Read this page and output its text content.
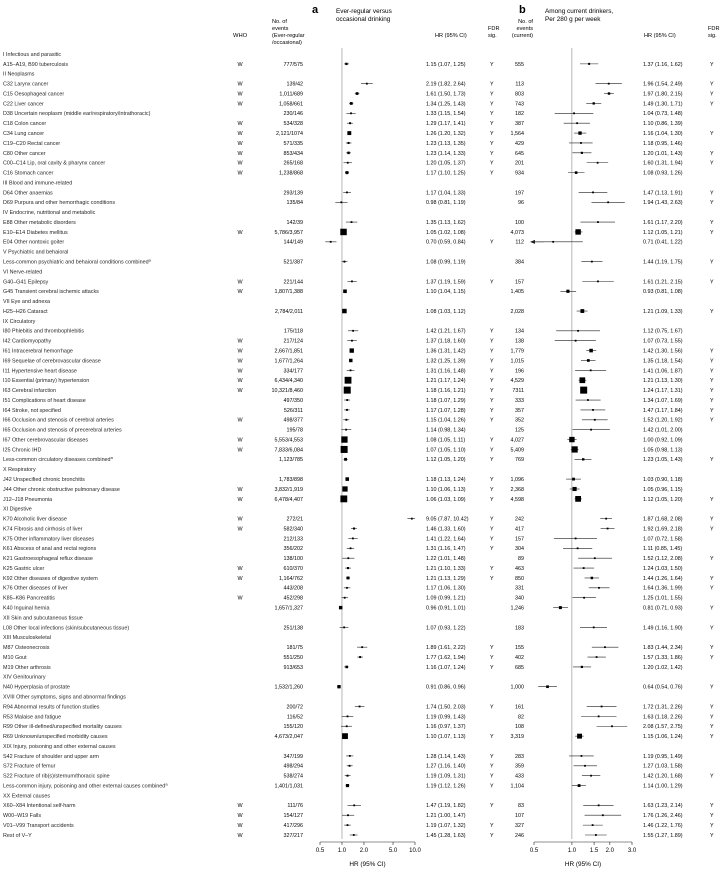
a	b
WHO
No. of
events
(Ever-regular
/occasional)
Ever-regular versus
occasional drinking
HR (95% CI)
FDR
sig.
Among current drinkers,
Per 280 g per week
No. of
events
(current)	HR (95% CI)
FDR
sig.
I Infectious and parasitic
A15–A19, B90 tuberculosis	W	777/575	1.15 (1.07, 1.25)	Y	555	1.37 (1.16, 1.62)	Y
II Neoplasms
C32 Larynx cancer	W	139/42	2.19 (1.82, 2.64)	Y	113	1.96 (1.54, 2.49)	Y
C15 Oesophageal cancer	W	1,011/689	1.61 (1.50, 1.73)	Y	803	1.97 (1.80, 2.15)	Y
C22 Liver cancer	W	1,058/661	1.34 (1.25, 1.43)	Y	743	1.49 (1.30, 1.71)	Y
D38 Uncertain neoplasm (middle ear/respiratory/intrathoracic)	230/146	1.33 (1.15, 1.54)	Y	182	1.04 (0.73, 1.48)
C18 Colon cancer	W	534/328	1.29 (1.17, 1.41)	Y	387	1.10 (0.86, 1.39)
C34 Lung cancer	W	2,121/1074	1.26 (1.20, 1.32)	Y	1,564	1.16 (1.04, 1.30)	Y
C19–C20 Rectal cancer	W	571/335	1.23 (1.13, 1.35)	Y	429	1.18 (0.95, 1.46)
C80 Other cancer	W	853/434	1.23 (1.14, 1.33)	Y	645	1.20 (1.01, 1.43)	Y
C00–C14 Lip, oral cavity & pharynx cancer	W	265/168	1.20 (1.05, 1.37)	Y	201	1.60 (1.31, 1.94)	Y
C16 Stomach cancer	W	1,238/868	1.17 (1.10, 1.25)	Y	934	1.08 (0.93, 1.26)
III Blood and immune-related
D64 Other anaemias	293/139	1.17 (1.04, 1.33)	197	1.47 (1.13, 1.91)	Y
D69 Purpura and other hemorrhagic conditions	135/84	0.98 (0.81, 1.19)	96	1.94 (1.43, 2.63)	Y
IV Endocrine, nutritional and metabolic
E88 Other metabolic disorders	142/39	1.35 (1.13, 1.62)	100	1.61 (1.17, 2.20)	Y
E10–E14 Diabetes mellitus	W	5,786/3,957	1.05 (1.02, 1.08)	4,073	1.12 (1.05, 1.21)	Y
E04 Other nontoxic goiter	144/149	0.70 (0.59, 0.84)	Y	112	0.71 (0.41, 1.22)
V Psychiatric and behaioral
Less-common psychiatric and behaioral conditions combined$^a$	521/387	1.08 (0.99, 1.19)	384	1.44 (1.19, 1.75)	Y
VI Nerve-related
G40–G41 Epilepsy	W	221/144	1.37 (1.19, 1.59)	Y	157	1.61 (1.21, 2.15)	Y
G45 Transient cerebral ischemic attacks	W	1,807/1,388	1.10 (1.04, 1.15)	1,405	0.93 (0.81, 1.08)
VII Eye and adnexa
H25–H26 Cataract	2,784/2,011	1.08 (1.03, 1.12)	2,028	1.21 (1.09, 1.33)	Y
IX Circulatory
I80 Phlebitis and thrombophlebitis	175/118	1.42 (1.21, 1.67)	Y	134	1.12 (0.75, 1.67)
I42 Cardiomyopathy	W	217/124	1.37 (1.18, 1.60)	Y	138	1.07 (0.73, 1.55)
I61 Intracerebral hemorrhage	W	2,667/1,851	1.36 (1.31, 1.42)	Y	1,779	1.42 (1.30, 1.56)	Y
I69 Sequelae of cerebrovascular disease	W	1,677/1,264	1.32 (1.25, 1.39)	Y	1,015	1.35 (1.18, 1.54)	Y
I11 Hypertensive heart disease	W	334/177	1.31 (1.16, 1.48)	Y	196	1.41 (1.06, 1.87)	Y
I10 Essential (primary) hypertension	W	6,434/4,340	1.21 (1.17, 1.24)	Y	4,529	1.21 (1.13, 1.30)	Y
I63 Cerebral infarction	W	10,321/8,460	1.18 (1.16, 1.21)	Y	7311	1.24 (1.17, 1.31)	Y
I51 Complications of heart disease	497/350	1.18 (1.07, 1.29)	Y	333	1.34 (1.07, 1.69)	Y
I64 Stroke, not specified	526/311	1.17 (1.07, 1.28)	Y	357	1.47 (1.17, 1.84)	Y
I66 Occlusion and stenosis of cerebral arteries	W	498/377	1.15 (1.04, 1.26)	Y	352	1.52 (1.20, 1.92)	Y
I65 Occlusion and stenosis of precerebral arteries	195/78	1.14 (0.98, 1.34)	125	1.42 (1.01, 2.00)
I67 Other cerebrovascular diseases	W	5,553/4,553	1.08 (1.05, 1.11)	Y	4,027	1.00 (0.92, 1.09)
I25 Chronic IHD	W	7,833/6,084	1.07 (1.05, 1.10)	Y	5,409	1.05 (0.98, 1.13)
Less-common circulatory diseases combined$^a$	1,123/785	1.12 (1.05, 1.20)	Y	769	1.23 (1.05, 1.43)	Y
X Respiratory
J42 Unspecified chronic bronchitis	1,783/898	1.18 (1.13, 1.24)	Y	1,096	1.03 (0.90, 1.18)
J44 Other chronic obstructive pulmonary disease	W	3,832/1,919	1.10 (1.06, 1.13)	Y	2,368	1.05 (0.96, 1.15)
J12–J18 Pneumonia	W	6,478/4,407	1.06 (1.03, 1.09)	Y	4,598	1.12 (1.05, 1.20)	Y
XI Digestive
K70 Alcoholic liver disease	W	272/21	9.05 (7.87, 10.42)	Y	242	1.87 (1.68, 2.08)	Y
K74 Fibrosis and cirrhosis of liver	W	582/340	1.46 (1.33, 1.60)	Y	417	1.92 (1.69, 2.18)	Y
K75 Other inflammatory liver diseases	212/133	1.41 (1.22, 1.64)	Y	157	1.07 (0.72, 1.58)
K61 Abscess of anal and rectal regions	356/202	1.31 (1.16, 1.47)	Y	304	1.11 (0.85, 1.45)
K21 Gastroesophageal reflux disease	138/100	1.22 (1.01, 1.48)	89	1.52 (1.12, 2.08)	Y
K25 Gastric ulcer	W	610/370	1.21 (1.10, 1.33)	Y	463	1.24 (1.03, 1.50)
K92 Other diseases of digestive system	W	1,164/762	1.21 (1.13, 1.29)	Y	850	1.44 (1.26, 1.64)	Y
K76 Other diseases of liver	443/208	1.17 (1.06, 1.30)	331	1.64 (1.36, 1.99)	Y
K85–K86 Pancreatitis	W	452/298	1.09 (0.99, 1.21)	340	1.25 (1.01, 1.55)
K40 Inguinal hernia	1,657/1,327	0.96 (0.91, 1.01)	1,246	0.81 (0.71, 0.93)	Y
XII Skin and subcutaneous tissue
L08 Other local infections (skin/subcutaneous tissue)	251/138	1.07 (0.93, 1.22)	183	1.49 (1.16, 1.90)	Y
XIII Musculoskeletal
M87 Osteonecrosis	181/75	1.89 (1.61, 2.22)	Y	155	1.83 (1.44, 2.34)	Y
M10 Gout	551/250	1.77 (1.62, 1.94)	Y	402	1.57 (1.33, 1.86)	Y
M19 Other arthrosis	913/653	1.16 (1.07, 1.24)	Y	685	1.20 (1.02, 1.42)
XIV Genitourinary
N40 Hyperplasia of prostate	1,532/1,260	0.91 (0.86, 0.96)	1,000	0.64 (0.54, 0.76)	Y
XVIII Other symptoms, signs and abnormal findings
R94 Abnormal results of function studies	200/72	1.74 (1.50, 2.03)	Y	161	1.72 (1.31, 2.26)	Y
R53 Malaise and fatigue	116/52	1.19 (0.99, 1.43)	82	1.63 (1.18, 2.26)	Y
R99 Other ill-defined/unspecified mortality causes	155/120	1.16 (0.97, 1.37)	108	2.08 (1.57, 2.75)	Y
R69 Unknown/unspecified morbidity causes	4,673/2,047	1.10 (1.07, 1.13)	Y	3,319	1.15 (1.06, 1.24)	Y
XIX Injury, poisoning and other external causes
S42 Fracture of shoulder and upper arm	347/199	1.28 (1.14, 1.43)	Y	283	1.19 (0.95, 1.49)
S72 Fracture of femur	498/294	1.27 (1.16, 1.40)	Y	359	1.27 (1.03, 1.58)
S22 Fracture of rib(s)/sternum/thoracic spine	538/274	1.19 (1.09, 1.31)	Y	433	1.42 (1.20, 1.68)	Y
Less-common injury, poisoning and other external causes combined$^a$	1,401/1,031	1.19 (1.12, 1.26)	Y	1,104	1.14 (1.00, 1.29)
XX External causes
X60–X84 Intentional self-harm	W	111/76	1.47 (1.19, 1.82)	Y	83	1.63 (1.23, 2.14)	Y
W00–W19 Falls	W	154/127	1.21 (1.00, 1.47)	107	1.76 (1.26, 2.46)	Y
V01–V99 Transport accidents	W	417/296	1.19 (1.07, 1.32)	Y	327	1.46 (1.22, 1.76)	Y
Rest of V–Y	W	327/217	1.45 (1.28, 1.63)	Y	246	1.55 (1.27, 1.89)	Y
0.5 1.0 2.0	5.0 10.0
HR (95% CI)
0.5	1.0 1.5 2.0 3.0
HR (95% CI)
